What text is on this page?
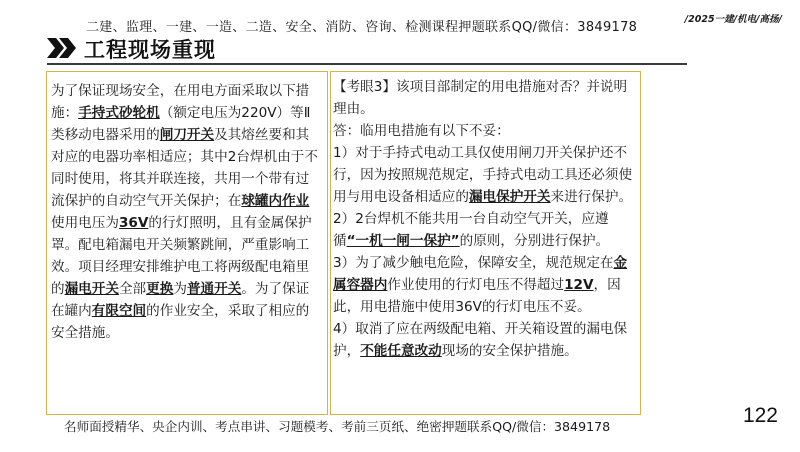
二建、监理、一建、一造、二造、安全、消防、咨询、检测课程押题联系QQ/微信：3849178
/2025一建/机电/高扬/
工程现场重现

为了保证现场安全，在用电方面采取以下措施：手持式砂轮机（额定电压为220V）等Ⅱ类移动电器采用的闸刀开关及其熔丝要和其对应的电器功率相适应；其中2台焊机由于不同时使用，将其并联连接，共用一个带有过流保护的自动空气开关保护；在球罐内作业使用电压为36V的行灯照明，且有金属保护罩。配电箱漏电开关频繁跳闸，严重影响工效。项目经理安排维护电工将两级配电箱里的漏电开关全部更换为普通开关。为了保证在罐内有限空间的作业安全，采取了相应的安全措施。

【考眼3】该项目部制定的用电措施对否？并说明理由。

答：临用电措施有以下不妥：

1）对于手持式电动工具仅使用闸刀开关保护还不行，因为按照规范规定，手持式电动工具还必须使用与用电设备相适应的漏电保护开关来进行保护。

2）2台焊机不能共用一台自动空气开关，应遵循“一机一闸一保护”的原则，分别进行保护。

3）为了减少触电危险，保障安全，规范规定在金属容器内作业使用的行灯电压不得超过12V，因此，用电措施中使用36V的行灯电压不妥。

4）取消了应在两级配电箱、开关箱设置的漏电保护，不能任意改动现场的安全保护措施。

名师面授精华、央企内训、考点串讲、习题模考、考前三页纸、绝密押题联系QQ/微信：3849178	122
